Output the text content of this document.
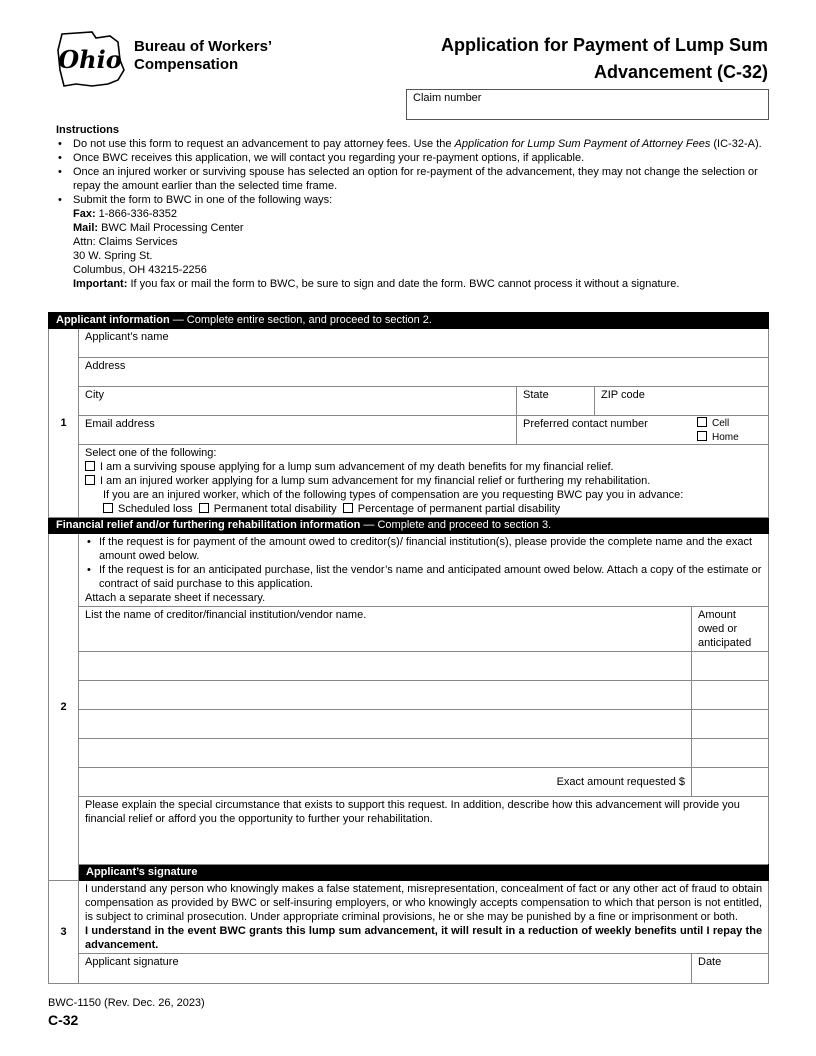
Ohio Bureau of Workers’
Compensation
Application for Payment of Lump Sum
Advancement (C-32)
Claim number
Instructions
• Do not use this form to request an advancement to pay attorney fees. Use the Application for Lump Sum Payment of Attorney Fees (IC-32-A).
• Once BWC receives this application, we will contact you regarding your re-payment options, if applicable.
• Once an injured worker or surviving spouse has selected an option for re-payment of the advancement, they may not change the selection or repay the amount earlier than the selected time frame.
• Submit the form to BWC in one of the following ways:
Fax: 1-866-336-8352
Mail: BWC Mail Processing Center
Attn: Claims Services
30 W. Spring St.
Columbus, OH 43215-2256
Important: If you fax or mail the form to BWC, be sure to sign and date the form. BWC cannot process it without a signature.
Applicant information — Complete entire section, and proceed to section 2.				

1	Applicant’s name			
	Address			
	City	State	ZIP code	
	Email address	Preferred contact number Cell
Home		

	Select one of the following:
I am a surviving spouse applying for a lump sum advancement of my death benefits for my financial relief.
I am an injured worker applying for a lump sum advancement for my financial relief or furthering my rehabilitation.
If you are an injured worker, which of the following types of compensation are you requesting BWC pay you in advance:
Scheduled loss Permanent total disability Percentage of permanent partial disability			

Financial relief and/or furthering rehabilitation information — Complete and proceed to section 3.				

2	• If the request is for payment of the amount owed to creditor(s)/ financial institution(s), please provide the complete name and the exact amount owed below.
• If the request is for an anticipated purchase, list the vendor’s name and anticipated amount owed below. Attach a copy of the estimate or contract of said purchase to this application.
Attach a separate sheet if necessary.

	List the name of creditor/financial institution/vendor name.			Amount owed or anticipated

	Exact amount requested $			
	Please explain the special circumstance that exists to support this request. In addition, describe how this advancement will provide you financial relief or afford you the opportunity to further your rehabilitation.			

	Applicant’s signature			

3	I understand any person who knowingly makes a false statement, misrepresentation, concealment of fact or any other act of fraud to obtain compensation as provided by BWC or self-insuring employers, or who knowingly accepts compensation to which that person is not entitled, is subject to criminal prosecution. Under appropriate criminal provisions, he or she may be punished by a fine or imprisonment or both.
I understand in the event BWC grants this lump sum advancement, it will result in a reduction of weekly benefits until I repay the advancement.			
	Applicant signature			Date
BWC-1150 (Rev. Dec. 26, 2023)
C-32
